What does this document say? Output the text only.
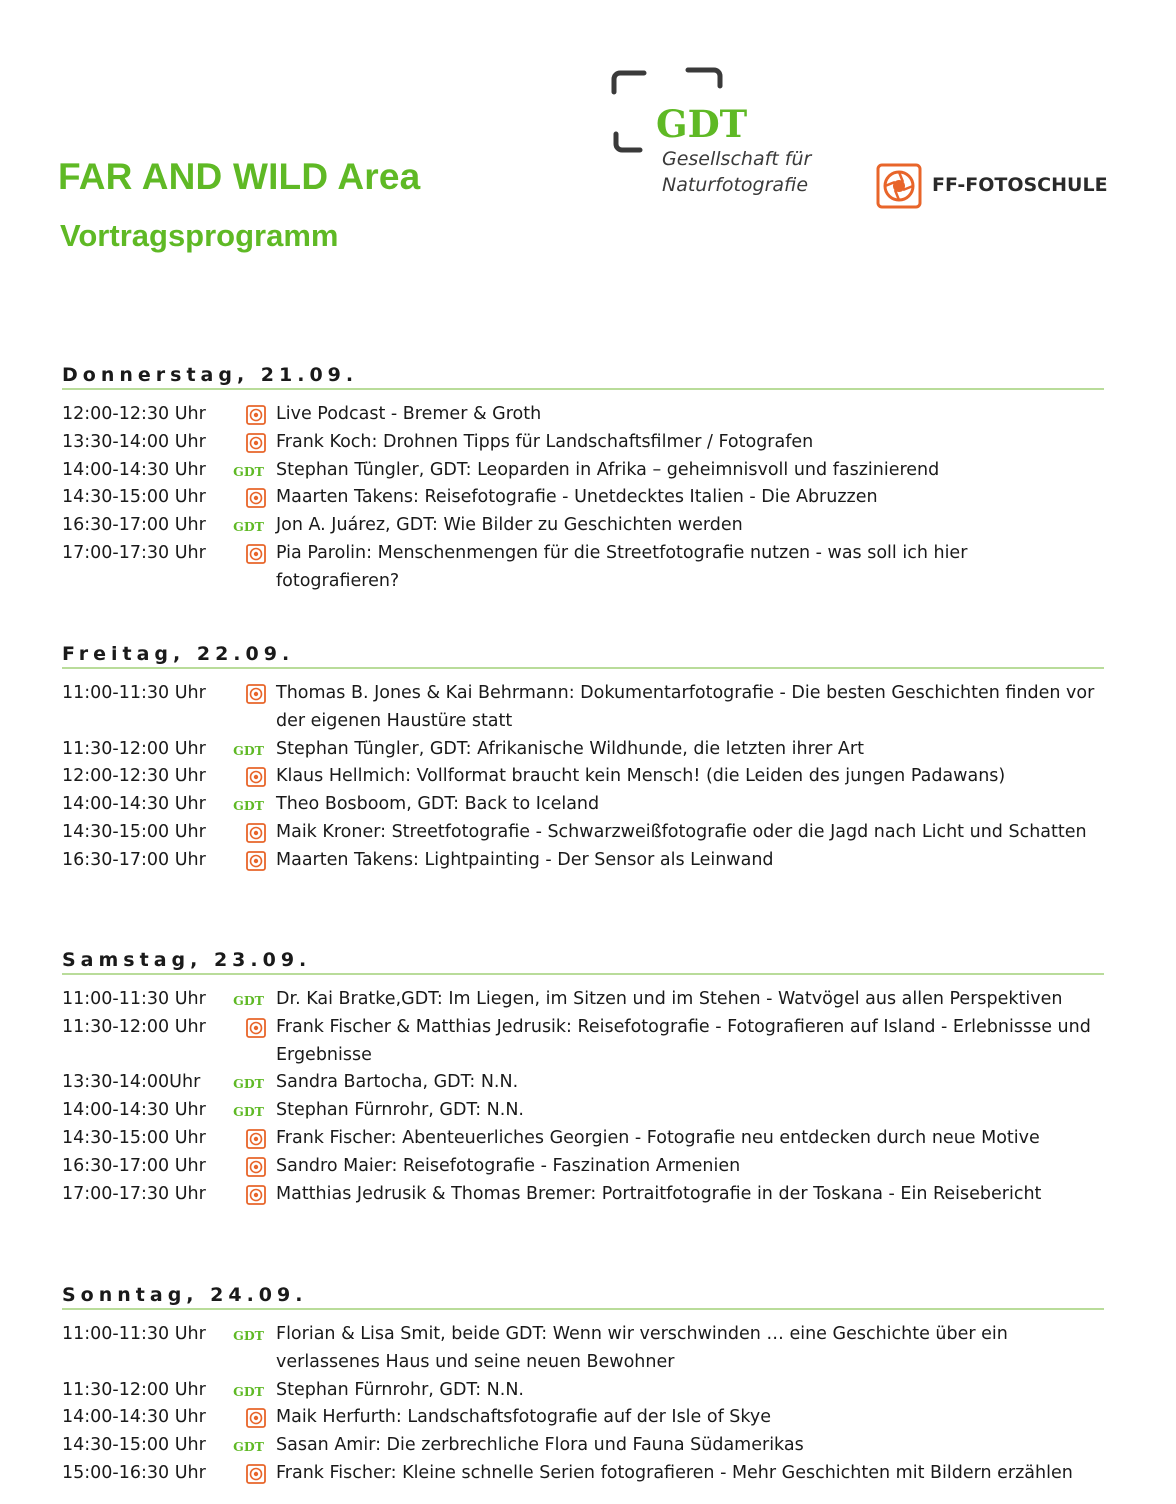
FAR AND WILD Area
Vortragsprogramm
GDT
Gesellschaft für
Naturfotografie	FF-FOTOSCHULE
Donnerstag, 21.09.
12:00-12:30 Uhr	Live Podcast - Bremer & Groth
13:30-14:00 Uhr	Frank Koch: Drohnen Tipps für Landschaftsfilmer / Fotografen
14:00-14:30 Uhr	GDT Stephan Tüngler, GDT: Leoparden in Afrika – geheimnisvoll und faszinierend
14:30-15:00 Uhr	Maarten Takens: Reisefotografie - Unetdecktes Italien - Die Abruzzen
16:30-17:00 Uhr	GDT Jon A. Juárez, GDT: Wie Bilder zu Geschichten werden
17:00-17:30 Uhr	Pia Parolin: Menschenmengen für die Streetfotografie nutzen - was soll ich hier fotografieren?
Freitag, 22.09.
11:00-11:30 Uhr	Thomas B. Jones & Kai Behrmann: Dokumentarfotografie - Die besten Geschichten finden vor der eigenen Haustüre statt
11:30-12:00 Uhr	GDT Stephan Tüngler, GDT: Afrikanische Wildhunde, die letzten ihrer Art
12:00-12:30 Uhr	Klaus Hellmich: Vollformat braucht kein Mensch! (die Leiden des jungen Padawans)
14:00-14:30 Uhr	GDT Theo Bosboom, GDT: Back to Iceland
14:30-15:00 Uhr	Maik Kroner: Streetfotografie - Schwarzweißfotografie oder die Jagd nach Licht und Schatten
16:30-17:00 Uhr	Maarten Takens: Lightpainting - Der Sensor als Leinwand
Samstag, 23.09.
11:00-11:30 Uhr	GDT Dr. Kai Bratke,GDT: Im Liegen, im Sitzen und im Stehen - Watvögel aus allen Perspektiven
11:30-12:00 Uhr	Frank Fischer & Matthias Jedrusik: Reisefotografie - Fotografieren auf Island - Erlebnissse und Ergebnisse
13:30-14:00Uhr	GDT Sandra Bartocha, GDT: N.N.
14:00-14:30 Uhr	GDT Stephan Fürnrohr, GDT: N.N.
14:30-15:00 Uhr	Frank Fischer: Abenteuerliches Georgien - Fotografie neu entdecken durch neue Motive
16:30-17:00 Uhr	Sandro Maier: Reisefotografie - Faszination Armenien
17:00-17:30 Uhr	Matthias Jedrusik & Thomas Bremer: Portraitfotografie in der Toskana - Ein Reisebericht
Sonntag, 24.09.
11:00-11:30 Uhr	GDT Florian & Lisa Smit, beide GDT: Wenn wir verschwinden … eine Geschichte über ein verlassenes Haus und seine neuen Bewohner
11:30-12:00 Uhr	GDT Stephan Fürnrohr, GDT: N.N.
14:00-14:30 Uhr	Maik Herfurth: Landschaftsfotografie auf der Isle of Skye
14:30-15:00 Uhr	GDT Sasan Amir: Die zerbrechliche Flora und Fauna Südamerikas
15:00-16:30 Uhr	Frank Fischer: Kleine schnelle Serien fotografieren - Mehr Geschichten mit Bildern erzählen
